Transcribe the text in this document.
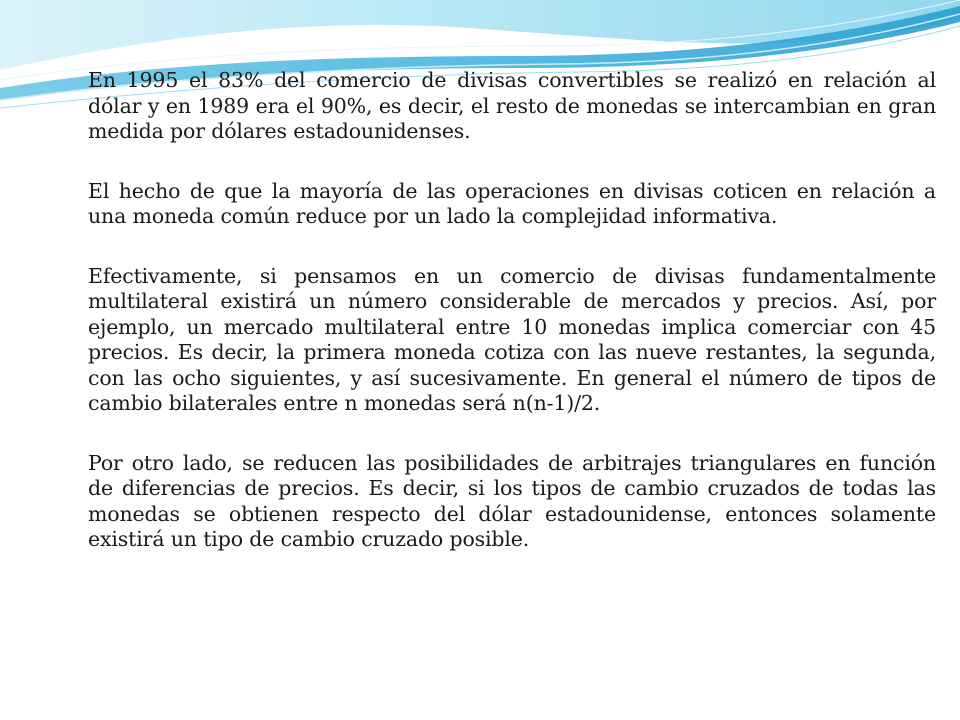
En 1995 el 83% del comercio de divisas convertibles se realizó en relación al dólar y en 1989 era el 90%, es decir, el resto de monedas se intercambian en gran medida por dólares estadounidenses.

El hecho de que la mayoría de las operaciones en divisas coticen en relación a una moneda común reduce por un lado la complejidad informativa.

Efectivamente, si pensamos en un comercio de divisas fundamentalmente multilateral existirá un número considerable de mercados y precios. Así, por ejemplo, un mercado multilateral entre 10 monedas implica comerciar con 45 precios. Es decir, la primera moneda cotiza con las nueve restantes, la segunda, con las ocho siguientes, y así sucesivamente. En general el número de tipos de cambio bilaterales entre n monedas será n(n-1)/2.

Por otro lado, se reducen las posibilidades de arbitrajes triangulares en función de diferencias de precios. Es decir, si los tipos de cambio cruzados de todas las monedas se obtienen respecto del dólar estadounidense, entonces solamente existirá un tipo de cambio cruzado posible.
